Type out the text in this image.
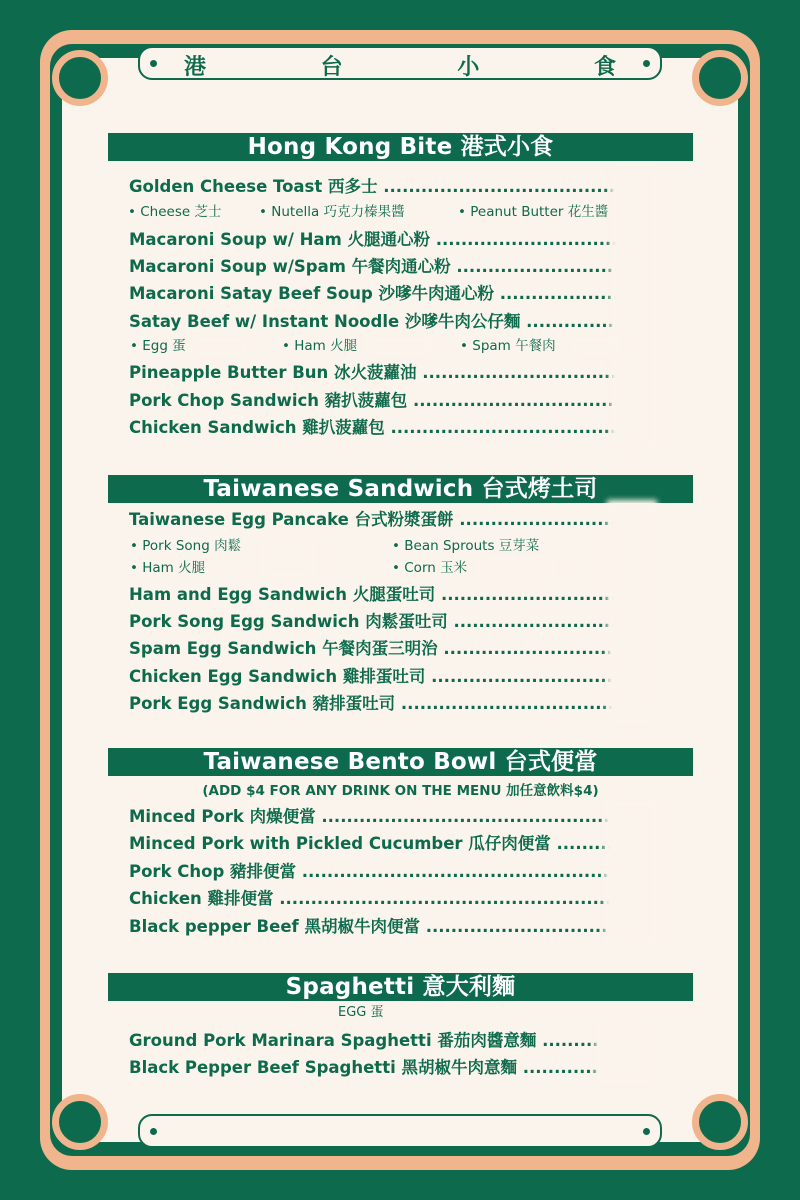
港	台	小	食
Hong Kong Bite 港式小食
Golden Cheese Toast 西多士 .....
• Cheese 芝士	• Nutella 巧克力榛果醬	• Peanut Butter 花生醬
Macaroni Soup w/ Ham 火腿通心粉 .....
Macaroni Soup w/Spam 午餐肉通心粉 .....
Macaroni Satay Beef Soup 沙嗲牛肉通心粉 .....
Satay Beef w/ Instant Noodle 沙嗲牛肉公仔麵 .....
• Egg 蛋	• Ham 火腿	• Spam 午餐肉
Pineapple Butter Bun 冰火菠蘿油 .....
Pork Chop Sandwich 豬扒菠蘿包 .....
Chicken Sandwich 雞扒菠蘿包 .....
Taiwanese Sandwich 台式烤土司
Taiwanese Egg Pancake 台式粉漿蛋餅 .....
• Pork Song 肉鬆	• Bean Sprouts 豆芽菜
• Ham 火腿	• Corn 玉米
Ham and Egg Sandwich 火腿蛋吐司 .....
Pork Song Egg Sandwich 肉鬆蛋吐司 .....
Spam Egg Sandwich 午餐肉蛋三明治 .....
Chicken Egg Sandwich 雞排蛋吐司 .....
Pork Egg Sandwich 豬排蛋吐司 .....
Taiwanese Bento Bowl 台式便當
(ADD $4 FOR ANY DRINK ON THE MENU 加任意飲料$4)
Minced Pork 肉燥便當 .....
Minced Pork with Pickled Cucumber 瓜仔肉便當 .....
Pork Chop 豬排便當 .....
Chicken 雞排便當 .....
Black pepper Beef 黑胡椒牛肉便當 .....
Spaghetti 意大利麵
EGG 蛋
Ground Pork Marinara Spaghetti 番茄肉醬意麵 .....
Black Pepper Beef Spaghetti 黑胡椒牛肉意麵 .....
